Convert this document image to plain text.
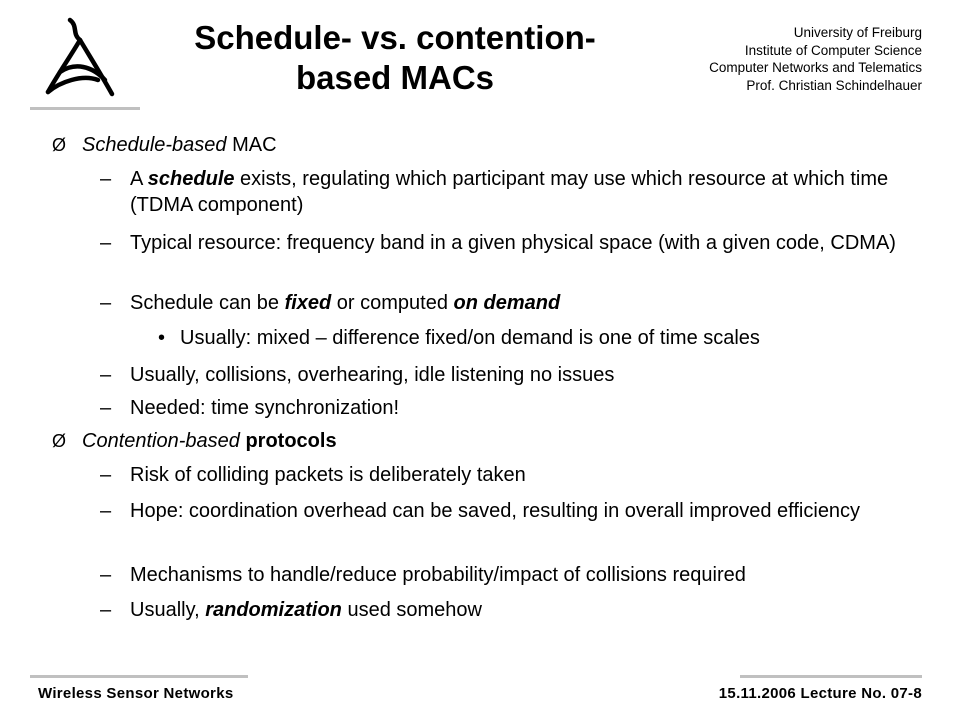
Schedule- vs. contention-based MACs
University of Freiburg
Institute of Computer Science
Computer Networks and Telematics
Prof. Christian Schindelhauer
Ø Schedule-based MAC
– A schedule exists, regulating which participant may use which resource at which time (TDMA component)
– Typical resource: frequency band in a given physical space (with a given code, CDMA)
– Schedule can be fixed or computed on demand
• Usually: mixed – difference fixed/on demand is one of time scales
– Usually, collisions, overhearing, idle listening no issues
– Needed: time synchronization!
Ø Contention-based protocols
– Risk of colliding packets is deliberately taken
– Hope: coordination overhead can be saved, resulting in overall improved efficiency
– Mechanisms to handle/reduce probability/impact of collisions required
– Usually, randomization used somehow
Wireless Sensor Networks	15.11.2006 Lecture No. 07-8
